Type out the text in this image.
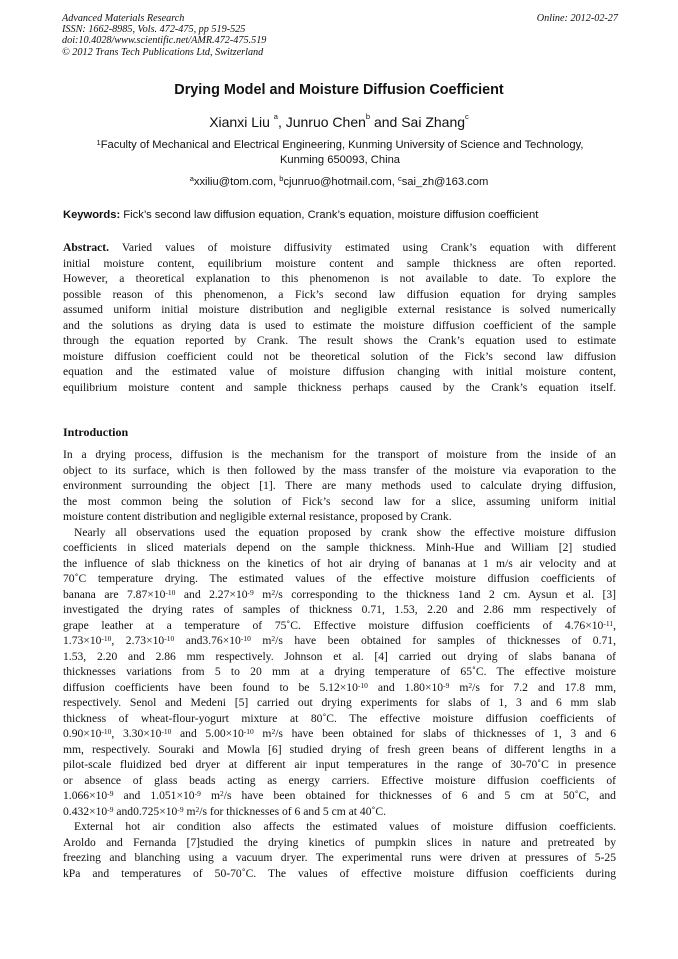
Advanced Materials Research
ISSN: 1662-8985, Vols. 472-475, pp 519-525
doi:10.4028/www.scientific.net/AMR.472-475.519
© 2012 Trans Tech Publications Ltd, Switzerland
Online: 2012-02-27
Drying Model and Moisture Diffusion Coefficient
Xianxi Liu $^a$, Junruo Chen$^b$ and Sai Zhang$^c$
$^1$Faculty of Mechanical and Electrical Engineering, Kunming University of Science and Technology,
Kunming 650093, China
$^a$xxiliu@tom.com, $^b$cjunruo@hotmail.com, $^c$sai_zh@163.com
Keywords: Fick’s second law diffusion equation, Crank’s equation, moisture diffusion coefficient
Abstract. Varied values of moisture diffusivity estimated using Crank’s equation with different
initial moisture content, equilibrium moisture content and sample thickness are often reported.
However, a theoretical explanation to this phenomenon is not available to date. To explore the
possible reason of this phenomenon, a Fick’s second law diffusion equation for drying samples
assumed uniform initial moisture distribution and negligible external resistance is solved numerically
and the solutions as drying data is used to estimate the moisture diffusion coefficient of the sample
through the equation reported by Crank. The result shows the Crank’s equation used to estimate
moisture diffusion coefficient could not be theoretical solution of the Fick’s second law diffusion
equation and the estimated value of moisture diffusion changing with initial moisture content,
equilibrium moisture content and sample thickness perhaps caused by the Crank’s equation itself.
Introduction
In a drying process, diffusion is the mechanism for the transport of moisture from the inside of an
object to its surface, which is then followed by the mass transfer of the moisture via evaporation to the
environment surrounding the object [1]. There are many methods used to calculate drying diffusion,
the most common being the solution of Fick’s second law for a slice, assuming uniform initial
moisture content distribution and negligible external resistance, proposed by Crank.
Nearly all observations used the equation proposed by crank show the effective moisture diffusion
coefficients in sliced materials depend on the sample thickness. Minh-Hue and William [2] studied
the influence of slab thickness on the kinetics of hot air drying of bananas at 1 m/s air velocity and at
70˚C temperature drying. The estimated values of the effective moisture diffusion coefficients of
banana are $7.87\times 10^{-10}$ and $2.27\times 10^{-9}$ $m^2/s$ corresponding to the thickness 1and 2 cm. Aysun et al. [3]
investigated the drying rates of samples of thickness 0.71, 1.53, 2.20 and 2.86 mm respectively of
grape leather at a temperature of 75˚C. Effective moisture diffusion coefficients of $4.76\times 10^{-11}$,
$1.73\times 10^{-10}$, $2.73\times 10^{-10}$ $and3.76\times 10^{-10}$ $m^2/s$ have been obtained for samples of thicknesses of 0.71,
1.53, 2.20 and 2.86 mm respectively. Johnson et al. [4] carried out drying of slabs banana of
thicknesses variations from 5 to 20 mm at a drying temperature of 65˚C. The effective moisture
diffusion coefficients have been found to be $5.12\times 10^{-10}$ and $1.80\times 10^{-9}$ $m^2/s$ for 7.2 and 17.8 mm,
respectively. Senol and Medeni [5] carried out drying experiments for slabs of 1, 3 and 6 mm slab
thickness of wheat-flour-yogurt mixture at 80˚C. The effective moisture diffusion coefficients of
$0.90\times 10^{-10}$, $3.30\times 10^{-10}$ and $5.00\times 10^{-10}$ $m^2/s$ have been obtained for slabs of thicknesses of 1, 3 and 6
mm, respectively. Souraki and Mowla [6] studied drying of fresh green beans of different lengths in a
pilot-scale fluidized bed dryer at different air input temperatures in the range of 30-70˚C in presence
or absence of glass beads acting as energy carriers. Effective moisture diffusion coefficients of
$1.066\times 10^{-9}$ and $1.051\times 10^{-9}$ $m^2/s$ have been obtained for thicknesses of 6 and 5 cm at 50˚C, and
$0.432\times 10^{-9}$ $and0.725\times 10^{-9}$ $m^2/s$ for thicknesses of 6 and 5 cm at 40˚C.
External hot air condition also affects the estimated values of moisture diffusion coefficients.
Aroldo and Fernanda [7]studied the drying kinetics of pumpkin slices in nature and pretreated by
freezing and blanching using a vacuum dryer. The experimental runs were driven at pressures of 5-25
kPa and temperatures of 50-70˚C. The values of effective moisture diffusion coefficients during
